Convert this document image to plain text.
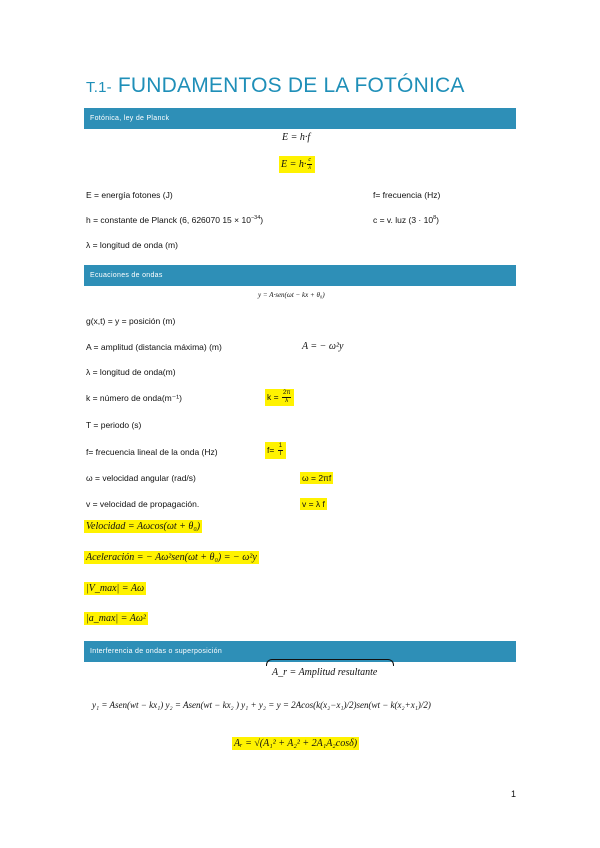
T.1- FUNDAMENTOS DE LA FOTÓNICA
Fotónica, ley de Planck
E = h·f
$E = h\cdot \frac{c}{\lambda}$
E = energía fotones (J)	f= frecuencia (Hz)
h = constante de Planck (6, 626070 $15 \times 10^{-34}$)	c = v. luz $(3 \cdot 10^8)$
λ = longitud de onda (m)
Ecuaciones de ondas
y = A·sen(ωt − kx + θ₀)
g(x,t) = y = posición (m)
A = amplitud (distancia máxima) (m)	A = − ω²y
λ = longitud de onda(m)
k = número de onda(m⁻¹)	$k = \frac{2\pi}{\lambda}$
T = periodo (s)
f= frecuencia lineal de la onda (Hz)	$f= \frac{1}{T}$
ω = velocidad angular (rad/s)	ω = 2πf
v = velocidad de propagación.	v = λ f
Velocidad = Aωcos(ωt + θ₀)
Aceleración = − Aω²sen(ωt + θ₀) = − ω²y
|V_max| = Aω
|a_max| = Aω²
Interferencia de ondas o superposición
A_r = Amplitud resultante
y₁ = Asen(wt − kx₁) y₂ = Asen(wt − kx₂ ) y₁ + y₂ = y = 2Acos(k(x₂−x₁)/2)sen(wt − k(x₂+x₁)/2)
Aᵣ = √(A₁² + A₂² + 2A₁A₂cosδ)
1
